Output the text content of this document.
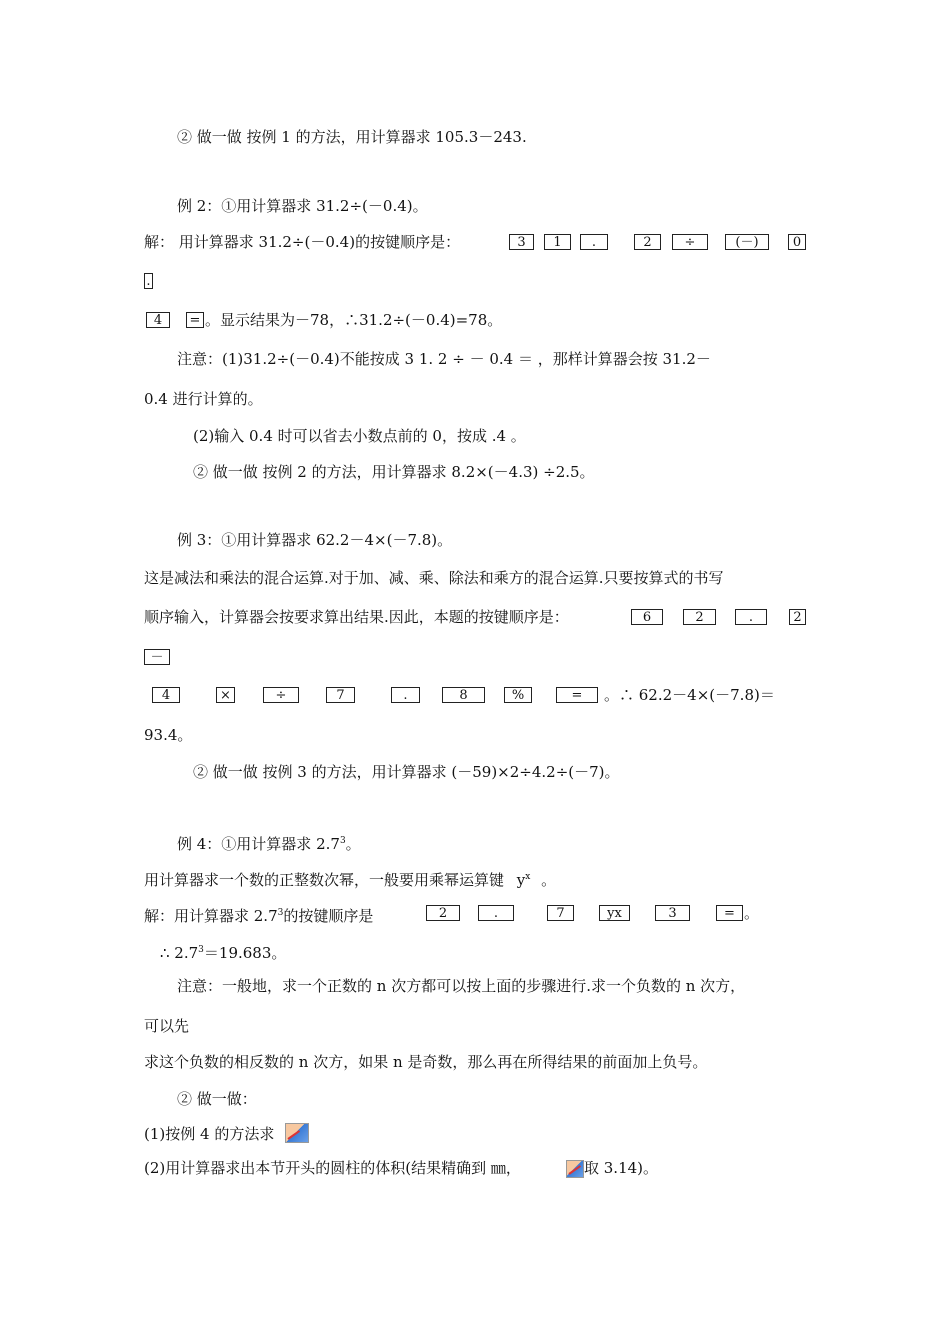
② 做一做 按例 1 的方法，用计算器求 105.3－243.
例 2：①用计算器求 31.2÷(－0.4)。
解： 用计算器求 31.2÷(－0.4)的按键顺序是：	3	1	.	2	÷	(－)	0
.
4	= 。显示结果为－78，∴31.2÷(－0.4)=78。
注意：(1)31.2÷(－0.4)不能按成 3 1. 2 ÷ － 0.4 ＝ ，那样计算器会按 31.2－
0.4 进行计算的。
(2)输入 0.4 时可以省去小数点前的 0，按成 .4 。
② 做一做 按例 2 的方法，用计算器求 8.2×(－4.3) ÷2.5。
例 3：①用计算器求 62.2－4×(－7.8)。
这是减法和乘法的混合运算.对于加、减、乘、除法和乘方的混合运算.只要按算式的书写
顺序输入，计算器会按要求算出结果.因此，本题的按键顺序是：	6	2	.	2
－
4	×	÷	7	.	8	%	=	。∴ 62.2－4×(－7.8)＝
93.4。
② 做一做 按例 3 的方法，用计算器求 (－59)×2÷4.2÷(－7)。
例 4：①用计算器求 $2.7^3$。
用计算器求一个数的正整数次幂，一般要用乘幂运算键 $y^x$ 。
解：用计算器求 $2.7^3$的按键顺序是	2	.	7	yx	3	= 。
∴ $2.7^3=19.683$。
注意：一般地，求一个正数的 n 次方都可以按上面的步骤进行.求一个负数的 n 次方，
可以先
求这个负数的相反数的 n 次方，如果 n 是奇数，那么再在所得结果的前面加上负号。
② 做一做：
(1)按例 4 的方法求
(2)用计算器求出本节开头的圆柱的体积(结果精确到 ㎜，	取 3.14)。
